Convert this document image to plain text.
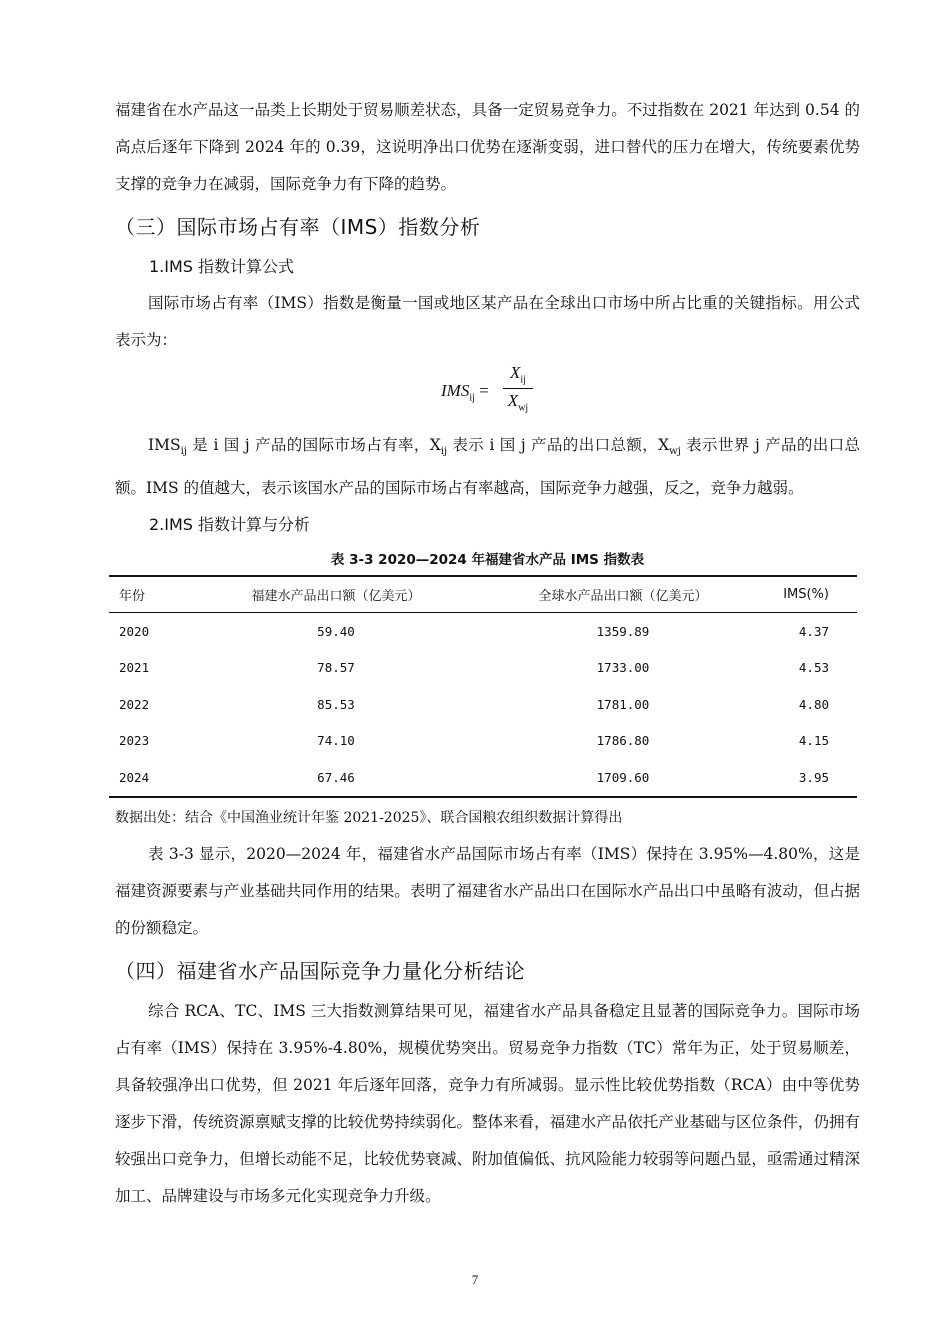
福建省在水产品这一品类上长期处于贸易顺差状态，具备一定贸易竞争力。不过指数在 2021 年达到 0.54 的高点后逐年下降到 2024 年的 0.39，这说明净出口优势在逐渐变弱，进口替代的压力在增大，传统要素优势支撑的竞争力在减弱，国际竞争力有下降的趋势。

（三）国际市场占有率（IMS）指数分析
1.IMS 指数计算公式

国际市场占有率（IMS）指数是衡量一国或地区某产品在全球出口市场中所占比重的关键指标。用公式表示为：

$IMS_{ij}$ =
$X_{ij}$
$X_{wj}$

$IMS_{ij}$ 是 i 国 j 产品的国际市场占有率，$X_{ij}$ 表示 i 国 j 产品的出口总额，$X_{wj}$ 表示世界 j 产品的出口总额。IMS 的值越大，表示该国水产品的国际市场占有率越高，国际竞争力越强，反之，竞争力越弱。

2.IMS 指数计算与分析
表 3-3 2020—2024 年福建省水产品 IMS 指数表
年份	福建水产品出口额（亿美元）	全球水产品出口额（亿美元）	IMS(%)
2020	59.40	1359.89	4.37
2021	78.57	1733.00	4.53
2022	85.53	1781.00	4.80
2023	74.10	1786.80	4.15
2024	67.46	1709.60	3.95

数据出处：结合《中国渔业统计年鉴 2021-2025》、联合国粮农组织数据计算得出

表 3-3 显示，2020—2024 年，福建省水产品国际市场占有率（IMS）保持在 3.95%—4.80%，这是福建资源要素与产业基础共同作用的结果。表明了福建省水产品出口在国际水产品出口中虽略有波动，但占据的份额稳定。

（四）福建省水产品国际竞争力量化分析结论

综合 RCA、TC、IMS 三大指数测算结果可见，福建省水产品具备稳定且显著的国际竞争力。国际市场占有率（IMS）保持在 3.95%-4.80%，规模优势突出。贸易竞争力指数（TC）常年为正，处于贸易顺差，具备较强净出口优势，但 2021 年后逐年回落，竞争力有所减弱。显示性比较优势指数（RCA）由中等优势逐步下滑，传统资源禀赋支撑的比较优势持续弱化。整体来看，福建水产品依托产业基础与区位条件，仍拥有较强出口竞争力，但增长动能不足，比较优势衰减、附加值偏低、抗风险能力较弱等问题凸显，亟需通过精深加工、品牌建设与市场多元化实现竞争力升级。

7
